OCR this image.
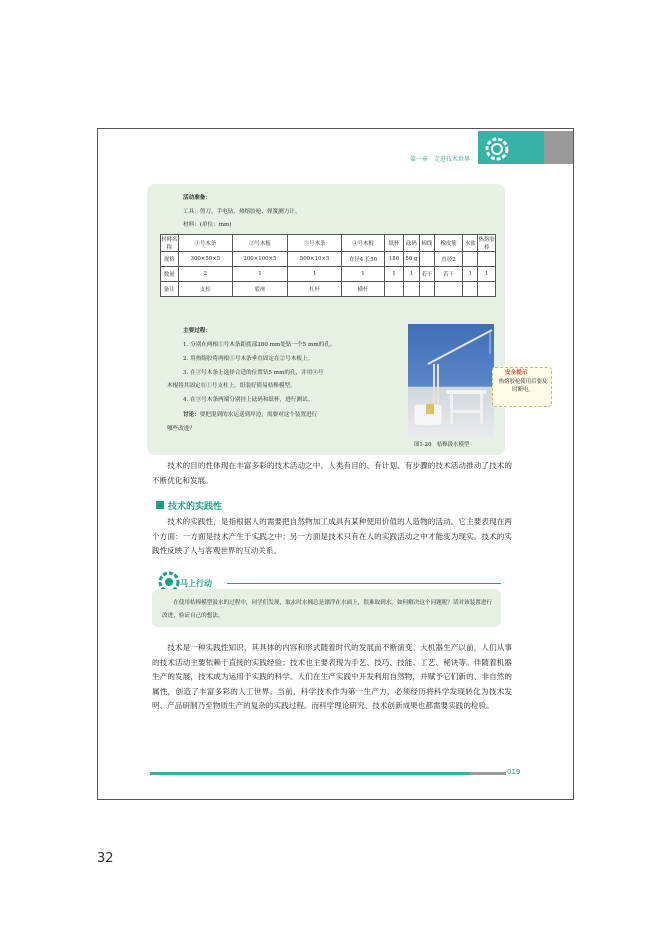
第一章　走进技术世界
活动准备：
工具：剪刀、手电钻、热熔胶枪、弹簧测力计。
材料：(单位：mm)
材料名称	①号木条	②号木板	③号木条	④号木棍	纸杯	砝码	棉线	橡皮筋	水盆	热熔胶棒
规格	300×50×5	200×100×5	500×10×5	直径4 长50	180	50 g		直径2		
数量	2	1	1	1	1	1	若干	若干	1	1
备注	支柱	底座	杠杆	横杆						
主要过程：
1. 分别在两根①号木条距底部280 mm处钻一个5 mm的孔。
2. 用热熔胶将两根①号木条垂直固定在②号木板上。
3. 在③号木条上选择合适的位置钻5 mm的孔，并用④号
木棍将其固定在①号支柱上，组装好简易桔槔模型。
4. 在③号木条两端分别挂上砝码和纸杯，进行测试。
讨论：要把混到的水运送到岸边，需要对这个装置进行
哪些改进？
图1-20　桔槔汲水模型
安全提示
热熔胶枪使用后要及时断电。
技术的目的性体现在丰富多彩的技术活动之中。人类有目的、有计划、有步骤的技术活动推动了技术的不断优化和发展。
技术的实践性
技术的实践性，是指根据人的需要把自然物加工成具有某种使用价值的人造物的活动。它主要表现在两个方面：一方面是技术产生于实践之中；另一方面是技术只有在人的实践活动之中才能变为现实。技术的实践性反映了人与客观世界的互动关系。
马上行动
在使用桔槔模型汲水的过程中，同学们发现，取水时水桶总是漂浮在水面上，很难取到水。如何解决这个问题呢？请对该装置进行改进，验证自己的想法。
技术是一种实践性知识，其具体的内容和形式随着时代的发展而不断演变。大机器生产以前，人们从事的技术活动主要依赖于直接的实践经验；技术也主要表现为手艺、技巧、技能、工艺、秘诀等。伴随着机器生产的发展，技术成为运用于实践的科学。人们在生产实践中开发利用自然物，并赋予它们新的、非自然的属性，创造了丰富多彩的人工世界。当前，科学技术作为第一生产力，必须经历将科学发现转化为技术发明、产品研制乃至物质生产的复杂的实践过程。而科学理论研究、技术创新成果也都需要实践的检验。
019
32
